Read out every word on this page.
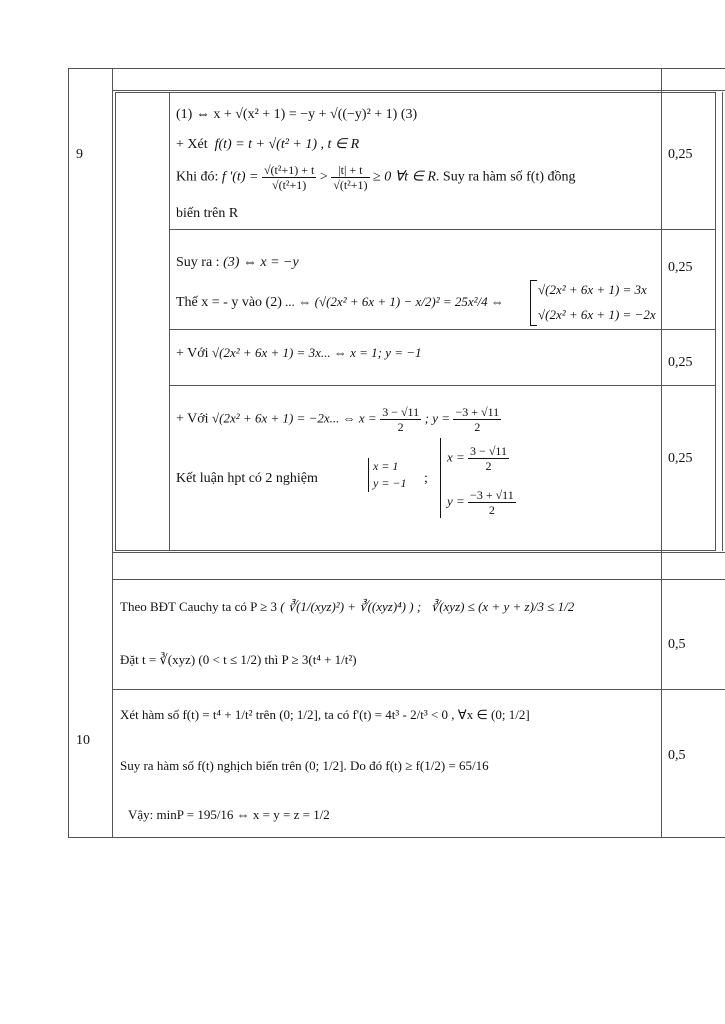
9
10
(1) ⇔ x + √(x² + 1) = −y + √((−y)² + 1) (3)
+ Xét f(t) = t + √(t² + 1) , t ∈ R
Khi đó: f '$(t) = \frac{\text{√(t²+1) + t}}{\text{√(t²+1)}} > \frac{|t| + t}{\text{√(t²+1)}} \ge 0$ ∀t ∈ R. Suy ra hàm số f(t) đồng
biến trên R
0,25
Suy ra : (3) ⇔ x = −y
Thế x = - y vào (2) ... ⇔ (√(2x² + 6x + 1) − x/2)² = 25x²/4 ⇔
√(2x² + 6x + 1) = 3x
√(2x² + 6x + 1) = −2x
0,25
+ Với √(2x² + 6x + 1) = 3x... ⇔ x = 1; y = −1
0,25
+ Với √(2x² + 6x + 1) = −2x... ⇔ $x = \frac{3 - √11}{2}$ ; $y = \frac{-3 + √11}{2}$
Kết luận hpt có 2 nghiệm
x = 1
y = −1 ;
$x = \frac{3 - √11}{2}$
$y = \frac{-3 + √11}{2}$
0,25
Theo BĐT Cauchy ta có P ≥ 3 ( ∛(1/(xyz)²) + ∛((xyz)⁴) ) ; ∛(xyz) ≤ (x + y + z)/3 ≤ 1/2
Đặt t = ∛(xyz) (0 < t ≤ 1/2) thì P ≥ 3(t⁴ + 1/t²)
0,5
Xét hàm số f(t) = t⁴ + 1/t² trên (0; 1/2], ta có f'(t) = 4t³ - 2/t³ < 0 , ∀x ∈ (0; 1/2]
Suy ra hàm số f(t) nghịch biến trên (0; 1/2]. Do đó f(t) ≥ f(1/2) = 65/16
Vậy: minP = 195/16 ⇔ x = y = z = 1/2
0,5
